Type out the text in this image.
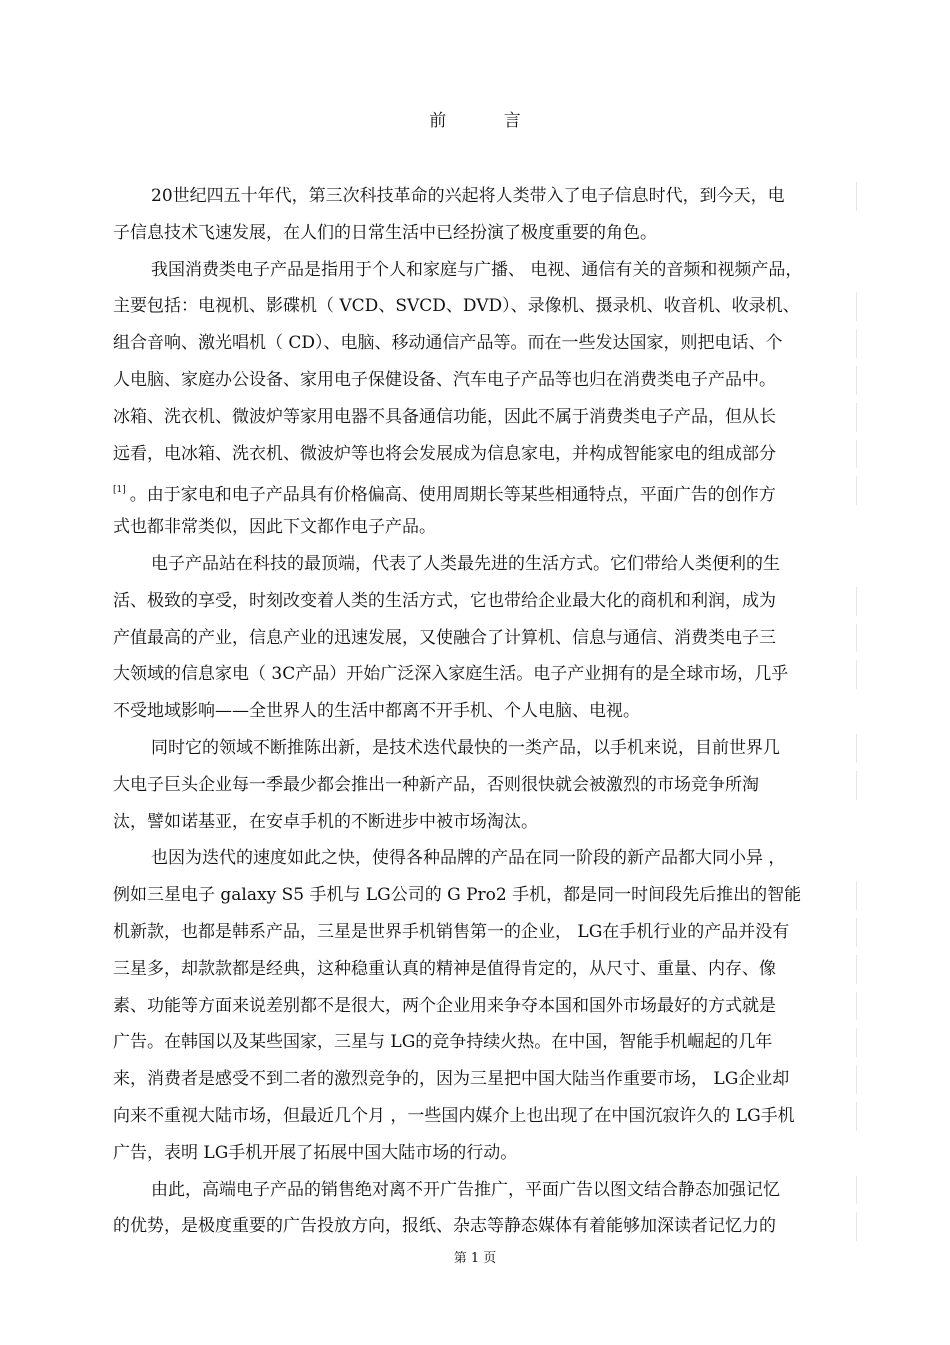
前 言
20世纪四五十年代，第三次科技革命的兴起将人类带入了电子信息时代，到今天，电
子信息技术飞速发展，在人们的日常生活中已经扮演了极度重要的角色。
我国消费类电子产品是指用于个人和家庭与广播、 电视、通信有关的音频和视频产品，
主要包括：电视机、影碟机（ VCD、SVCD、DVD）、录像机、摄录机、收音机、收录机、
组合音响、激光唱机（ CD）、电脑、移动通信产品等。而在一些发达国家，则把电话、个
人电脑、家庭办公设备、家用电子保健设备、汽车电子产品等也归在消费类电子产品中。
冰箱、洗衣机、微波炉等家用电器不具备通信功能，因此不属于消费类电子产品，但从长
远看，电冰箱、洗衣机、微波炉等也将会发展成为信息家电，并构成智能家电的组成部分
[1] 。由于家电和电子产品具有价格偏高、使用周期长等某些相通特点，平面广告的创作方
式也都非常类似，因此下文都作电子产品。
电子产品站在科技的最顶端，代表了人类最先进的生活方式。它们带给人类便利的生
活、极致的享受，时刻改变着人类的生活方式，它也带给企业最大化的商机和利润，成为
产值最高的产业，信息产业的迅速发展，又使融合了计算机、信息与通信、消费类电子三
大领域的信息家电（ 3C产品）开始广泛深入家庭生活。电子产业拥有的是全球市场，几乎
不受地域影响——全世界人的生活中都离不开手机、个人电脑、电视。
同时它的领域不断推陈出新，是技术迭代最快的一类产品，以手机来说，目前世界几
大电子巨头企业每一季最少都会推出一种新产品，否则很快就会被激烈的市场竞争所淘
汰，譬如诺基亚，在安卓手机的不断进步中被市场淘汰。
也因为迭代的速度如此之快，使得各种品牌的产品在同一阶段的新产品都大同小异 ，
例如三星电子 galaxy S5 手机与 LG公司的 G Pro2 手机，都是同一时间段先后推出的智能
机新款，也都是韩系产品，三星是世界手机销售第一的企业， LG在手机行业的产品并没有
三星多，却款款都是经典，这种稳重认真的精神是值得肯定的，从尺寸、重量、内存、像
素、功能等方面来说差别都不是很大，两个企业用来争夺本国和国外市场最好的方式就是
广告。在韩国以及某些国家，三星与 LG的竞争持续火热。在中国，智能手机崛起的几年
来，消费者是感受不到二者的激烈竞争的，因为三星把中国大陆当作重要市场， LG企业却
向来不重视大陆市场，但最近几个月 ，一些国内媒介上也出现了在中国沉寂许久的 LG手机
广告，表明 LG手机开展了拓展中国大陆市场的行动。
由此，高端电子产品的销售绝对离不开广告推广，平面广告以图文结合静态加强记忆
的优势，是极度重要的广告投放方向，报纸、杂志等静态媒体有着能够加深读者记忆力的
第 1 页
